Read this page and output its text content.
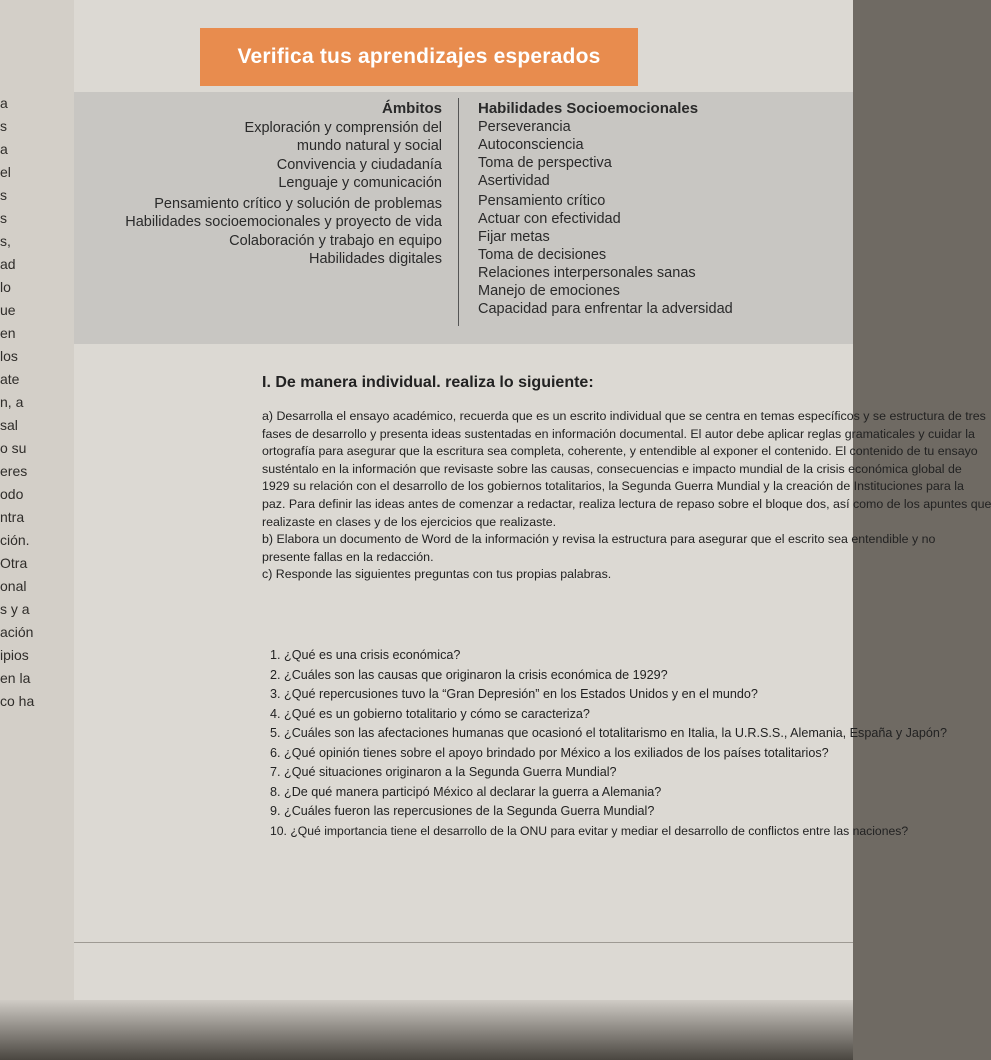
a
s
a
el
s
s
s,
ad
lo
ue
en
los
ate
n, a
sal
o su
eres
odo
ntra
ción.
Otra
onal
s y a
ación
ipios
en la
co ha
Verifica tus aprendizajes esperados
Ámbitos
Exploración y comprensión del
mundo natural y social
Convivencia y ciudadanía
Lenguaje y comunicación
Pensamiento crítico y solución de problemas
Habilidades socioemocionales y proyecto de vida
Colaboración y trabajo en equipo
Habilidades digitales
Habilidades Socioemocionales
Perseverancia
Autoconsciencia
Toma de perspectiva
Asertividad
Pensamiento crítico
Actuar con efectividad
Fijar metas
Toma de decisiones
Relaciones interpersonales sanas
Manejo de emociones
Capacidad para enfrentar la adversidad
I. De manera individual. realiza lo siguiente:
a) Desarrolla el ensayo académico, recuerda que es un escrito individual que se centra en temas específicos y se estructura de tres
fases de desarrollo y presenta ideas sustentadas en información documental. El autor debe aplicar reglas gramaticales y cuidar la
ortografía para asegurar que la escritura sea completa, coherente, y entendible al exponer el contenido. El contenido de tu ensayo
susténtalo en la información que revisaste sobre las causas, consecuencias e impacto mundial de la crisis económica global de
1929 su relación con el desarrollo de los gobiernos totalitarios, la Segunda Guerra Mundial y la creación de Instituciones para la
paz. Para definir las ideas antes de comenzar a redactar, realiza lectura de repaso sobre el bloque dos, así como de los apuntes que
realizaste en clases y de los ejercicios que realizaste.
b) Elabora un documento de Word de la información y revisa la estructura para asegurar que el escrito sea entendible y no
presente fallas en la redacción.
c) Responde las siguientes preguntas con tus propias palabras.
1. ¿Qué es una crisis económica?
2. ¿Cuáles son las causas que originaron la crisis económica de 1929?
3. ¿Qué repercusiones tuvo la “Gran Depresión” en los Estados Unidos y en el mundo?
4. ¿Qué es un gobierno totalitario y cómo se caracteriza?
5. ¿Cuáles son las afectaciones humanas que ocasionó el totalitarismo en Italia, la U.R.S.S., Alemania, España y Japón?
6. ¿Qué opinión tienes sobre el apoyo brindado por México a los exiliados de los países totalitarios?
7. ¿Qué situaciones originaron a la Segunda Guerra Mundial?
8. ¿De qué manera participó México al declarar la guerra a Alemania?
9. ¿Cuáles fueron las repercusiones de la Segunda Guerra Mundial?
10. ¿Qué importancia tiene el desarrollo de la ONU para evitar y mediar el desarrollo de conflictos entre las naciones?
